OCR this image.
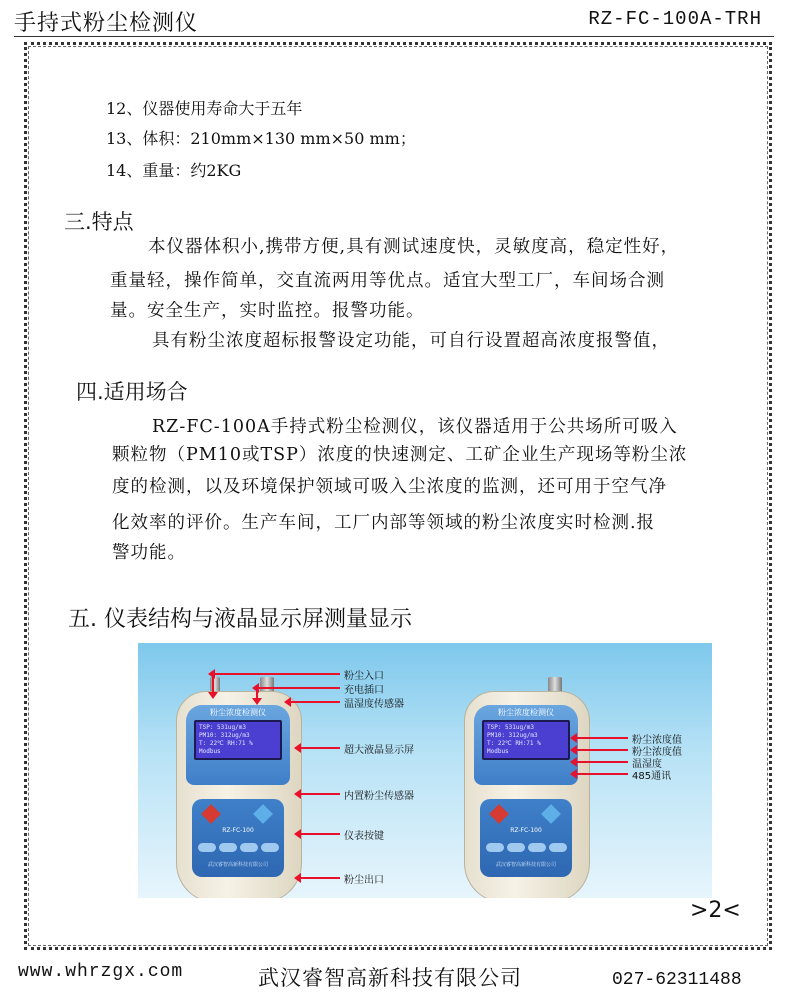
手持式粉尘检测仪	RZ-FC-100A-TRH
12、仪器使用寿命大于五年
13、体积：210mm×130 mm×50 mm；
14、重量：约2KG
三.特点
本仪器体积小,携带方便,具有测试速度快，灵敏度高，稳定性好，
重量轻，操作简单，交直流两用等优点。适宜大型工厂，车间场合测
量。安全生产，实时监控。报警功能。
具有粉尘浓度超标报警设定功能，可自行设置超高浓度报警值，
四.适用场合
RZ-FC-100A手持式粉尘检测仪，该仪器适用于公共场所可吸入
颗粒物（PM10或TSP）浓度的快速测定、工矿企业生产现场等粉尘浓
度的检测，以及环境保护领域可吸入尘浓度的监测，还可用于空气净
化效率的评价。生产车间，工厂内部等领域的粉尘浓度实时检测.报
警功能。
五. 仪表结构与液晶显示屏测量显示
粉尘浓度检测仪
TSP: 531ug/m3
PM10: 312ug/m3
T: 22℃ RH:71 %
Modbus
RZ-FC-100
武汉睿智高新科技有限公司
粉尘浓度检测仪
TSP: 531ug/m3
PM10: 312ug/m3
T: 22℃ RH:71 %
Modbus
RZ-FC-100
武汉睿智高新科技有限公司
粉尘入口
充电插口
温湿度传感器
超大液晶显示屏
内置粉尘传感器
仪表按键
粉尘出口
粉尘浓度值
粉尘浓度值
温湿度
485通讯
>2<
www.whrzgx.com	武汉睿智高新科技有限公司	027-62311488
